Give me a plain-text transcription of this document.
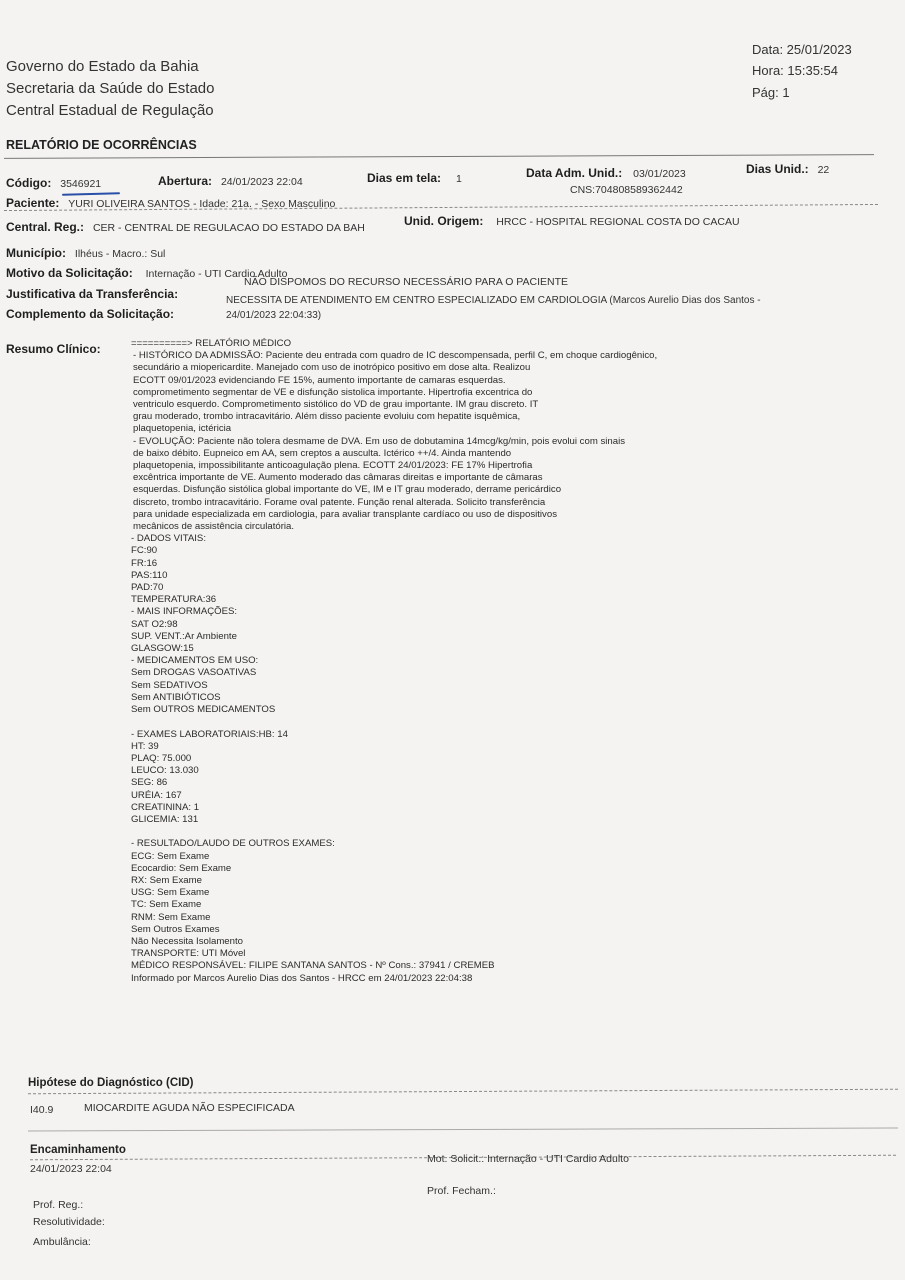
Governo do Estado da Bahia
Secretaria da Saúde do Estado
Central Estadual de Regulação
Data: 25/01/2023
Hora: 15:35:54
Pág: 1
RELATÓRIO DE OCORRÊNCIAS
Código: 3546921	Abertura: 24/01/2023 22:04	Dias em tela: 1	Data Adm. Unid.: 03/01/2023	Dias Unid.: 22
CNS:704808589362442
Paciente: YURI OLIVEIRA SANTOS - Idade: 21a. - Sexo Masculino
Central. Reg.: CER - CENTRAL DE REGULACAO DO ESTADO DA BAH	Unid. Origem: HRCC - HOSPITAL REGIONAL COSTA DO CACAU
Município: Ilhéus - Macro.: Sul
Motivo da Solicitação: Internação - UTI Cardio Adulto
Justificativa da Transferência:
NÃO DISPOMOS DO RECURSO NECESSÁRIO PARA O PACIENTE
Complemento da Solicitação:
NECESSITA DE ATENDIMENTO EM CENTRO ESPECIALIZADO EM CARDIOLOGIA (Marcos Aurelio Dias dos Santos -
24/01/2023 22:04:33)
Resumo Clínico:	==========> RELATÓRIO MÉDICO
- HISTÓRICO DA ADMISSÃO: Paciente deu entrada com quadro de IC descompensada, perfil C, em choque cardiogênico,
secundário a miopericardite. Manejado com uso de inotrópico positivo em dose alta. Realizou
ECOTT 09/01/2023 evidenciando FE 15%, aumento importante de camaras esquerdas.
comprometimento segmentar de VE e disfunção sistolica importante. Hipertrofia excentrica do
ventriculo esquerdo. Comprometimento sistólico do VD de grau importante. IM grau discreto. IT
grau moderado, trombo intracavitário. Além disso paciente evoluiu com hepatite isquêmica,
plaquetopenia, ictéricia
- EVOLUÇÃO: Paciente não tolera desmame de DVA. Em uso de dobutamina 14mcg/kg/min, pois evolui com sinais
de baixo débito. Eupneico em AA, sem creptos a ausculta. Ictérico ++/4. Ainda mantendo
plaquetopenia, impossibilitante anticoagulação plena. ECOTT 24/01/2023: FE 17% Hipertrofia
excêntrica importante de VE. Aumento moderado das câmaras direitas e importante de câmaras
esquerdas. Disfunção sistólica global importante do VE, IM e IT grau moderado, derrame pericárdico
discreto, trombo intracavitário. Forame oval patente. Função renal alterada. Solicito transferência
para unidade especializada em cardiologia, para avaliar transplante cardíaco ou uso de dispositivos
mecânicos de assistência circulatória.
- DADOS VITAIS:
FC:90
FR:16
PAS:110
PAD:70
TEMPERATURA:36
- MAIS INFORMAÇÕES:
SAT O2:98
SUP. VENT.:Ar Ambiente
GLASGOW:15
- MEDICAMENTOS EM USO:
Sem DROGAS VASOATIVAS
Sem SEDATIVOS
Sem ANTIBIÓTICOS
Sem OUTROS MEDICAMENTOS

- EXAMES LABORATORIAIS:HB: 14
HT: 39
PLAQ: 75.000
LEUCO: 13.030
SEG: 86
URÉIA: 167
CREATININA: 1
GLICEMIA: 131

- RESULTADO/LAUDO DE OUTROS EXAMES:
ECG: Sem Exame
Ecocardio: Sem Exame
RX: Sem Exame
USG: Sem Exame
TC: Sem Exame
RNM: Sem Exame
Sem Outros Exames
Não Necessita Isolamento
TRANSPORTE: UTI Móvel
MÉDICO RESPONSÁVEL: FILIPE SANTANA SANTOS - Nº Cons.: 37941 / CREMEB
Informado por Marcos Aurelio Dias dos Santos - HRCC em 24/01/2023 22:04:38
Hipótese do Diagnóstico (CID)
I40.9	MIOCARDITE AGUDA NÃO ESPECIFICADA
Encaminhamento
24/01/2023 22:04
Mot. Solicit.: Internação - UTI Cardio Adulto
Prof. Fecham.:
Prof. Reg.:
Resolutividade:
Ambulância:
